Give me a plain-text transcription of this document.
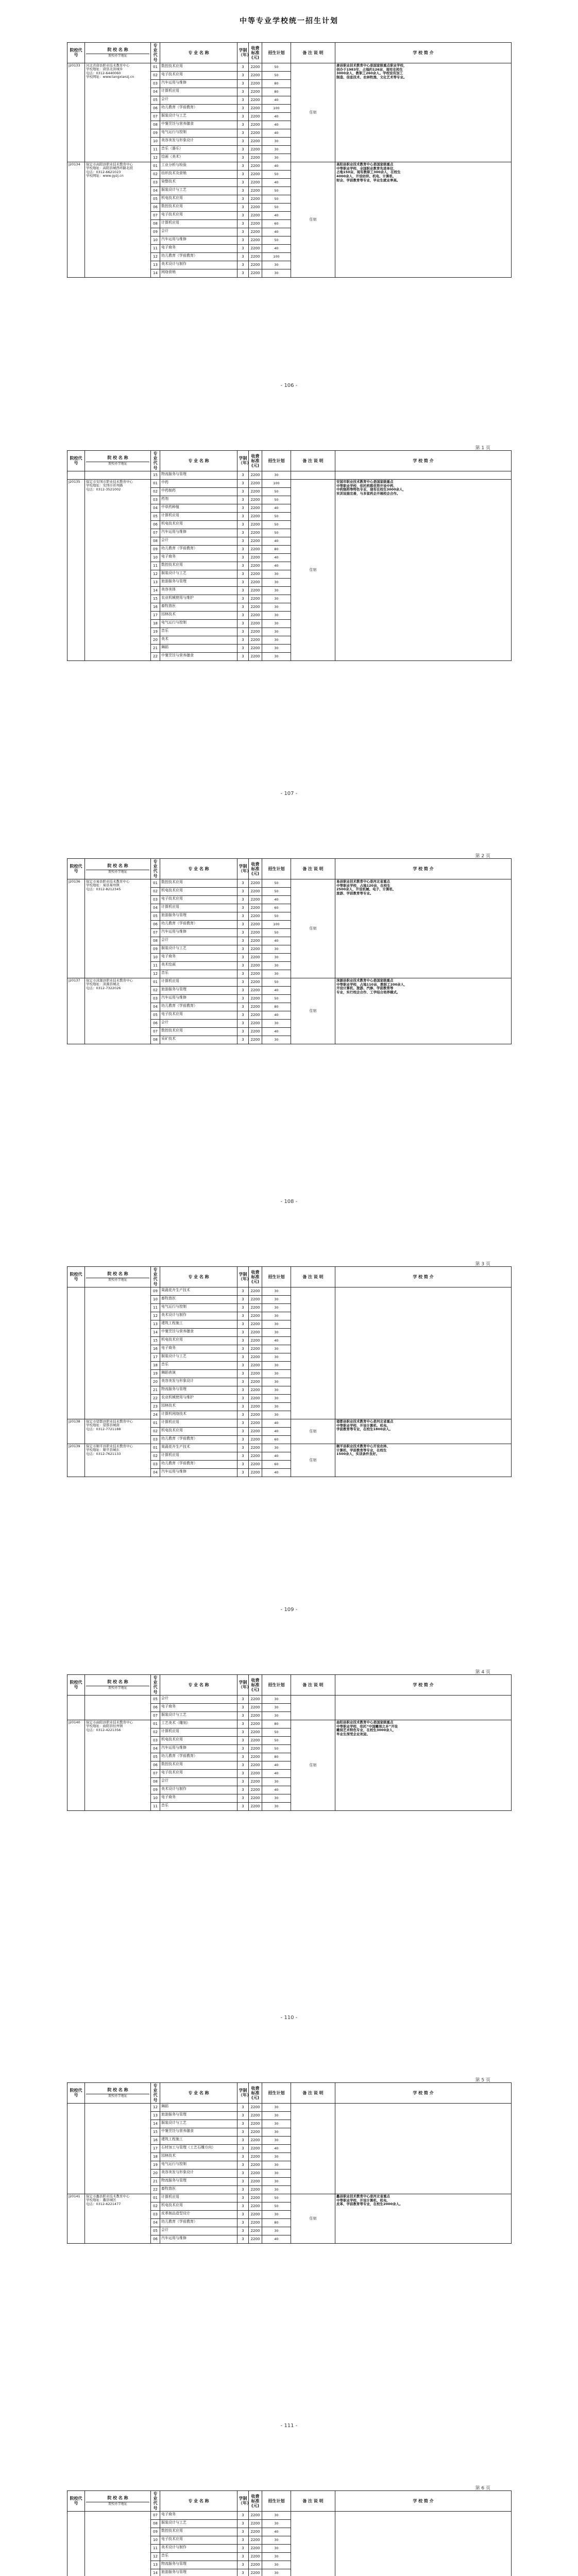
中等专业学校统一招生计划
院校代号	院 校 名 称
院校办学地址	专业代号	专 业 名 称	学制（年）	收费标准(元)	招生计划	备 注 说 明	学 校 简 介
J20133	河北省唐县职业技术教育中心
学校地址：唐县北洪城乡
电话：0312-6440060
学校网址：www.tangxianzj.cn	01	数控技术应用	3	2200	50	住宿	唐县职业技术教育中心是国家级重点职业学校，
创办于1983年，占地约126亩，现有在校生
3000余人，教职工260余人。学校设有加工
制造、信息技术、农林牧渔、文化艺术等专业。

		02	电子技术应用	3	2200	50		
		03	汽车运用与维修	3	2200	80		
		04	计算机应用	3	2200	80		
		05	会计	3	2200	40		
		06	幼儿教育（学前教育）	3	2200	100		
		07	服装设计与工艺	3	2200	40		
		08	中餐烹饪与营养膳食	3	2200	40		
		09	电气运行与控制	3	2200	40		
		10	美容美发与形象设计	3	2200	30		
		11	音乐（器乐）	3	2200	30		
		12	绘画（美术）	3	2200	30		
J20134	保定市高阳县职业技术教育中心
学校地址：高阳县城西环路北段
电话：0312-6621023
学校网址：www.gyzj.cn	01	工业分析与检验	3	2200	40	住宿	高阳县职业技术教育中心是国家级重点
中等职业学校、全国职业教育先进单位，
占地150亩，现有教职工300余人，在校生
4000余人，开设纺织、机电、计算机、
财会、学前教育等专业，毕业生就业率高。

		02	纺织技术及营销	3	2200	50		
		03	染整技术	3	2200	40		
		04	服装设计与工艺	3	2200	50		
		05	机电技术应用	3	2200	50		
		06	数控技术应用	3	2200	50		
		07	电子技术应用	3	2200	40		
		08	计算机应用	3	2200	60		
		09	会计	3	2200	40		
		10	汽车运用与维修	3	2200	50		
		11	电子商务	3	2200	40		
		12	幼儿教育（学前教育）	3	2200	100		
		13	美术设计与制作	3	2200	30		
		14	网络营销	3	2200	30		
- 106 -
第 1 页
院校代号	院 校 名 称
院校办学地址	专业代号	专 业 名 称	学制（年）	收费标准(元)	招生计划	备 注 说 明	学 校 简 介
		15	物流服务与管理	3	2200	30		
J20135	保定市安国市职业技术教育中心
学校地址：安国市祁州路
电话：0312-3521002	01	中药	3	2200	100	住宿	安国市职业技术教育中心是国家级重点
中等职业学校，依托药都优势开设中药、
中药制药等特色专业，现有在校生3000余人，
实训设施完善，与多家药企开展校企合作。

		02	中药制药	3	2200	50		
		03	药剂	3	2200	50		
		04	中草药种植	3	2200	40		
		05	计算机应用	3	2200	50		
		06	机电技术应用	3	2200	50		
		07	汽车运用与维修	3	2200	50		
		08	会计	3	2200	40		
		09	幼儿教育（学前教育）	3	2200	80		
		10	电子商务	3	2200	40		
		11	数控技术应用	3	2200	40		
		12	服装设计与工艺	3	2200	30		
		13	旅游服务与管理	3	2200	30		
		14	美容美体	3	2200	30		
		15	农业机械使用与维护	3	2200	30		
		16	畜牧兽医	3	2200	30		
		17	园林技术	3	2200	30		
		18	电气运行与控制	3	2200	30		
		19	音乐	3	2200	30		
		20	美术	3	2200	30		
		21	舞蹈	3	2200	30		
		22	中餐烹饪与营养膳食	3	2200	30		
- 107 -
第 2 页
院校代号	院 校 名 称
院校办学地址	专业代号	专 业 名 称	学制（年）	收费标准(元)	招生计划	备 注 说 明	学 校 简 介
J20136	保定市易县职业技术教育中心
学校地址：易县易州镇
电话：0312-8212345	01	数控技术应用	3	2200	50	住宿	易县职业技术教育中心是河北省重点
中等职业学校，占地120亩，在校生
2500余人，开设机械、电子、计算机、
旅游、学前教育等专业。

		02	机电技术应用	3	2200	50		
		03	电子技术应用	3	2200	40		
		04	计算机应用	3	2200	60		
		05	旅游服务与管理	3	2200	50		
		06	幼儿教育（学前教育）	3	2200	100		
		07	汽车运用与维修	3	2200	50		
		08	会计	3	2200	40		
		09	服装设计与工艺	3	2200	30		
		10	电子商务	3	2200	30		
		11	美术绘画	3	2200	30		
		12	音乐	3	2200	30		
J20137	保定市涞源县职业技术教育中心
学校地址：涞源县城北
电话：0312-7322026	01	计算机应用	3	2200	50	住宿	涞源县职业技术教育中心是国家级重点
中等职业学校，占地110亩，教职工200余人，
开设计算机、旅游、汽修、学前教育等
专业，实行校企合作、工学结合培养模式。

		02	旅游服务与管理	3	2200	40		
		03	汽车运用与维修	3	2200	50		
		04	幼儿教育（学前教育）	3	2200	80		
		05	电子技术应用	3	2200	40		
		06	会计	3	2200	30		
		07	数控技术应用	3	2200	40		
		08	采矿技术	3	2200	30		
- 108 -
第 3 页
院校代号	院 校 名 称
院校办学地址	专业代号	专 业 名 称	学制（年）	收费标准(元)	招生计划	备 注 说 明	学 校 简 介
		09	果蔬花卉生产技术	3	2200	30		
		10	畜牧兽医	3	2200	30		
		11	电气运行与控制	3	2200	30		
		12	美术设计与制作	3	2200	30		
		13	建筑工程施工	3	2200	30		
		14	中餐烹饪与营养膳食	3	2200	30		
		15	机电技术应用	3	2200	40		
		16	电子商务	3	2200	30		
		17	服装设计与工艺	3	2200	30		
		18	音乐	3	2200	30		
		19	舞蹈表演	3	2200	30		
		20	美容美发与形象设计	3	2200	30		
		21	物流服务与管理	3	2200	30		
		22	农业机械使用与维护	3	2200	30		
		23	园林技术	3	2200	30		
		24	计算机网络技术	3	2200	30		
J20138	保定市望都县职业技术教育中心
学校地址：望都县城南
电话：0312-7721188	01	计算机应用	3	2200	40	住宿	望都县职业技术教育中心是河北省重点
中等职业学校，开设计算机、机电、
学前教育等专业，在校生1800余人。

		02	机电技术应用	3	2200	40		
		03	幼儿教育（学前教育）	3	2200	60		
J20139	保定市顺平县职业技术教育中心
学校地址：顺平县城东
电话：0312-7621133	01	果蔬花卉生产技术	3	2200	30	住宿	顺平县职业技术教育中心开设农林、
计算机、学前教育等专业，在校生
1500余人，实训条件良好。

		02	计算机应用	3	2200	40		
		03	幼儿教育（学前教育）	3	2200	60		
		04	汽车运用与维修	3	2200	40		
- 109 -
第 4 页
院校代号	院 校 名 称
院校办学地址	专业代号	专 业 名 称	学制（年）	收费标准(元)	招生计划	备 注 说 明	学 校 简 介
		05	会计	3	2200	30		
		06	电子商务	3	2200	30		
		07	服装设计与工艺	3	2200	30		
J20140	保定市曲阳县职业技术教育中心
学校地址：曲阳县恒州镇
电话：0312-4221356	01	工艺美术（雕刻）	3	2200	80	住宿	曲阳县职业技术教育中心是国家级重点
中等职业学校，依托“中国雕刻之乡”开设
雕刻艺术特色专业，在校生3000余人，
毕业生深受企业欢迎。

		02	计算机应用	3	2200	50		
		03	机电技术应用	3	2200	50		
		04	汽车运用与维修	3	2200	50		
		05	幼儿教育（学前教育）	3	2200	80		
		06	数控技术应用	3	2200	40		
		07	电子技术应用	3	2200	40		
		08	会计	3	2200	30		
		09	美术设计与制作	3	2200	40		
		10	电子商务	3	2200	30		
		11	音乐	3	2200	30		
- 110 -
第 5 页
院校代号	院 校 名 称
院校办学地址	专业代号	专 业 名 称	学制（年）	收费标准(元)	招生计划	备 注 说 明	学 校 简 介
		12	舞蹈	3	2200	30		
		13	旅游服务与管理	3	2200	30		
		14	服装设计与工艺	3	2200	30		
		15	中餐烹饪与营养膳食	3	2200	30		
		16	建筑工程施工	3	2200	30		
		17	石材加工与管理（工艺石雕方向）	3	2200	40		
		18	园林技术	3	2200	30		
		19	电气运行与控制	3	2200	30		
		20	美容美发与形象设计	3	2200	30		
		21	物流服务与管理	3	2200	30		
		22	畜牧兽医	3	2200	30		
J20141	保定市蠡县职业技术教育中心
学校地址：蠡县城区
电话：0312-6221477	01	计算机应用	3	2200	50	住宿	蠡县职业技术教育中心是河北省重点
中等职业学校，开设计算机、机电、
皮革、学前教育等专业，在校生2000余人。

		02	机电技术应用	3	2200	50		
		03	皮革制品造型设计	3	2200	30		
		04	幼儿教育（学前教育）	3	2200	80		
		05	会计	3	2200	30		
		06	汽车运用与维修	3	2200	40		
- 111 -
第 6 页
院校代号	院 校 名 称
院校办学地址	专业代号	专 业 名 称	学制（年）	收费标准(元)	招生计划	备 注 说 明	学 校 简 介
		07	电子商务	3	2200	30		
		08	服装设计与工艺	3	2200	30		
		09	数控技术应用	3	2200	40		
		10	电子技术应用	3	2200	30		
		11	美术设计与制作	3	2200	30		
		12	音乐	3	2200	30		
		13	物流服务与管理	3	2200	30		
		14	旅游服务与管理	3	2200	30		
